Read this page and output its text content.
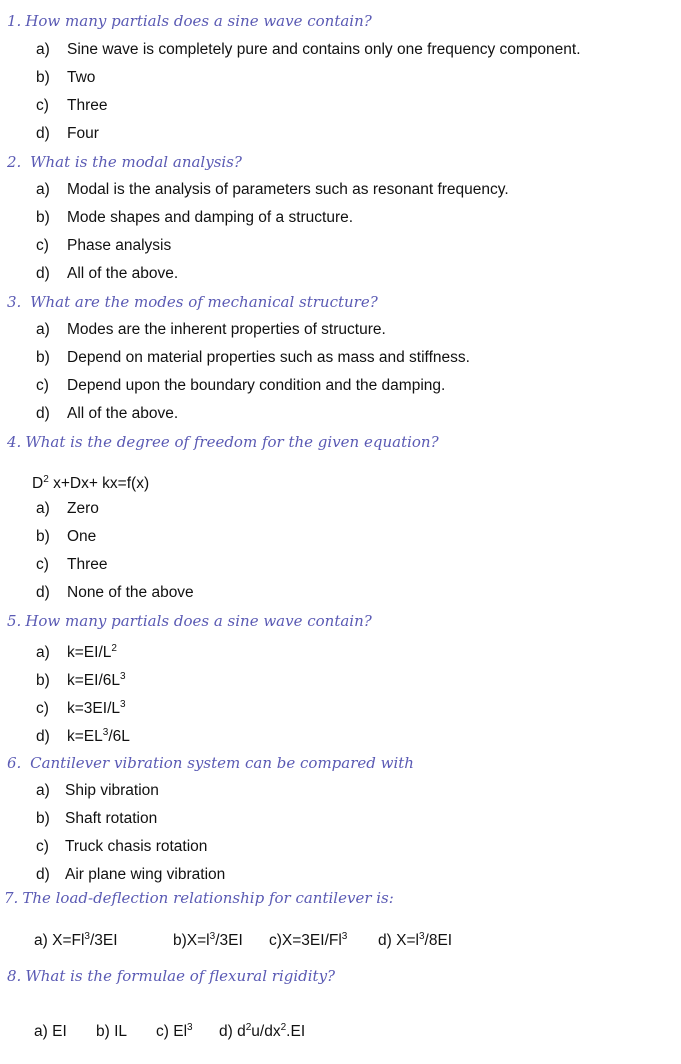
1. How many partials does a sine wave contain?
a) Sine wave is completely pure and contains only one frequency component.
b) Two
c) Three
d) Four
2. What is the modal analysis?
a) Modal is the analysis of parameters such as resonant frequency.
b) Mode shapes and damping of a structure.
c) Phase analysis
d) All of the above.
3. What are the modes of mechanical structure?
a) Modes are the inherent properties of structure.
b) Depend on material properties such as mass and stiffness.
c) Depend upon the boundary condition and the damping.
d) All of the above.
4. What is the degree of freedom for the given equation?
$D^2$ x+Dx+ kx=f(x)
a) Zero
b) One
c) Three
d) None of the above
5. How many partials does a sine wave contain?
a) $k=EI/L^2$
b) $k=EI/6L^3$
c) $k=3EI/L^3$
d) $k=EL^3/6L$
6. Cantilever vibration system can be compared with
a) Ship vibration
b) Shaft rotation
c) Truck chasis rotation
d) Air plane wing vibration
7. The load-deflection relationship for cantilever is:
a) $X=Fl^3/3EI$	$b)X=l^3/3EI$ $c)X=3EI/Fl^3$ d) $X=l^3/8EI$
8. What is the formulae of flexural rigidity?
a) EI b) IL c) El$^3$ d) $d^2u/dx^2.EI$
